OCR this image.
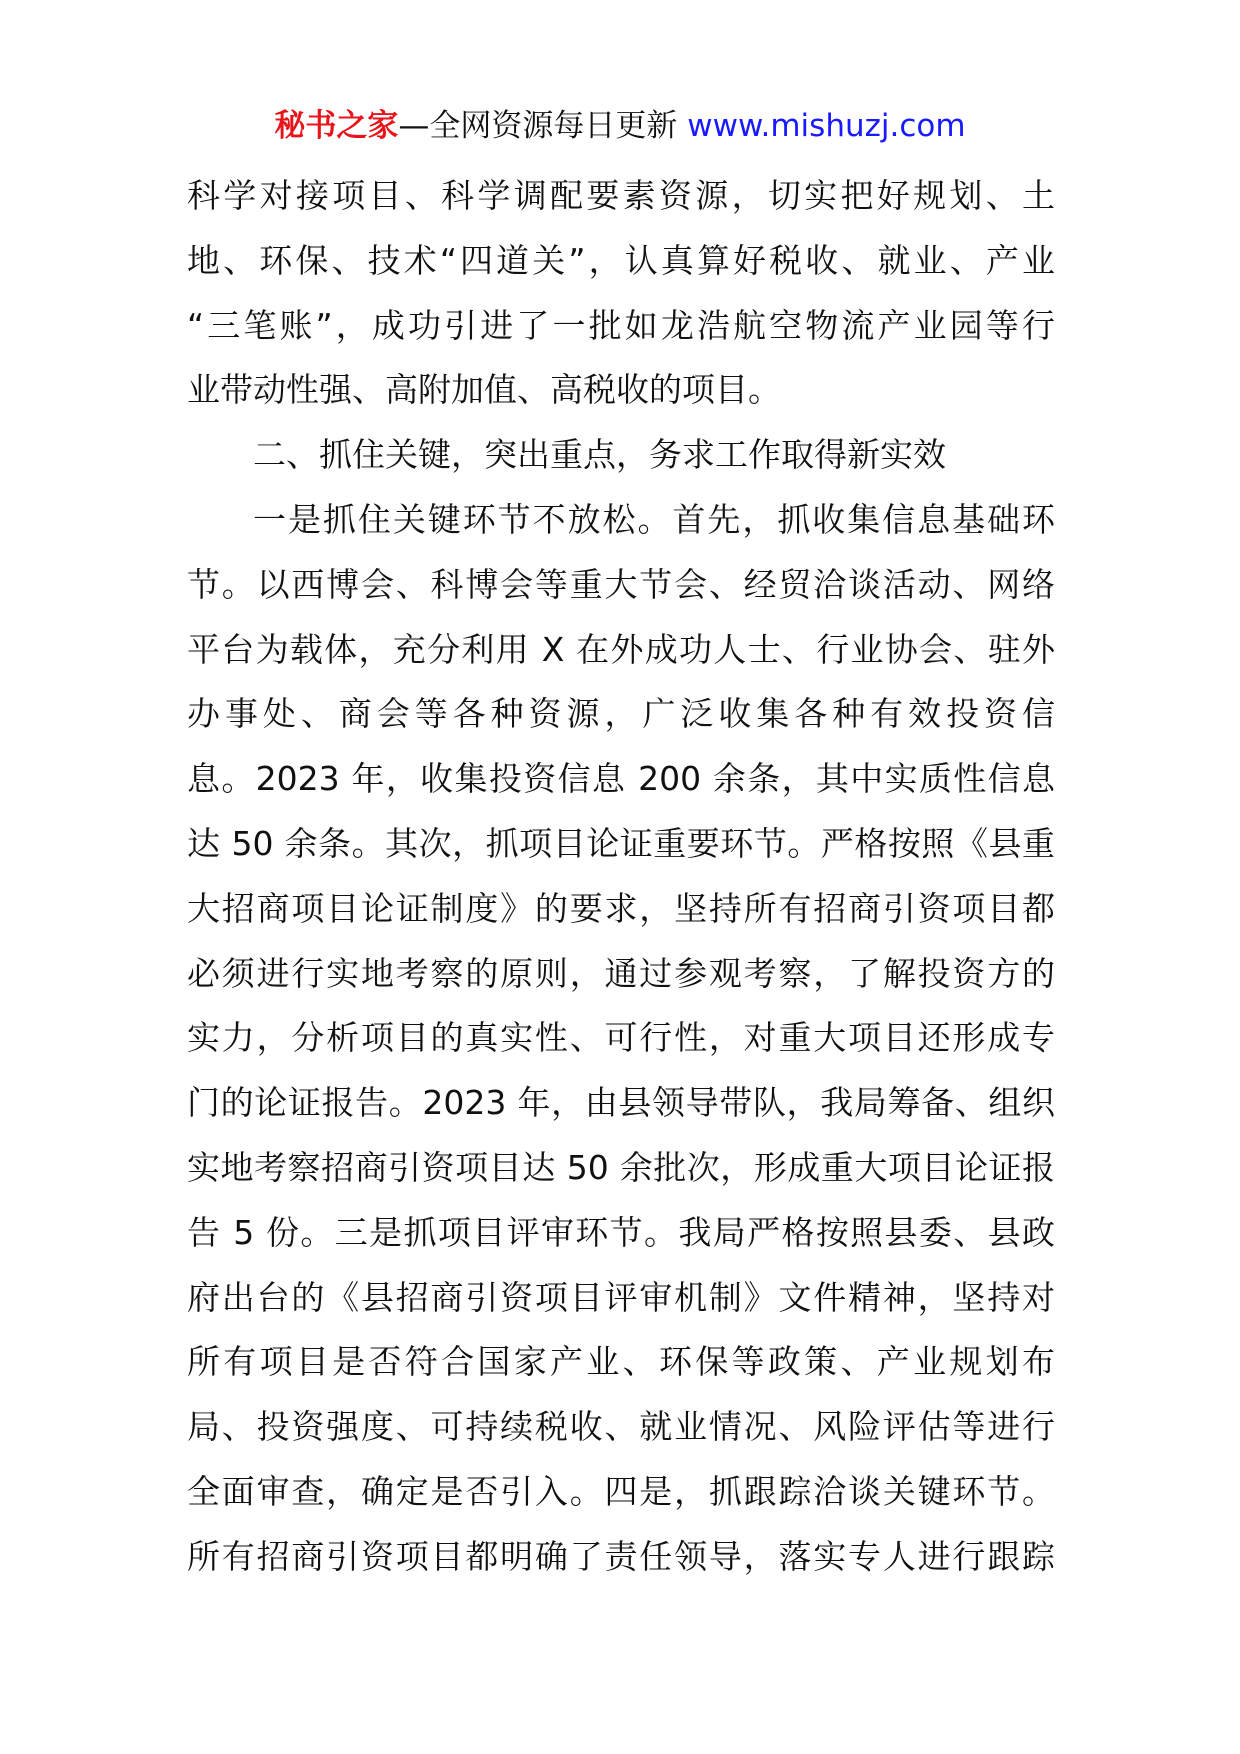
秘书之家—全网资源每日更新 www.mishuzj.com
科学对接项目、科学调配要素资源，切实把好规划、土
地、环保、技术“四道关”，认真算好税收、就业、产业
“三笔账”，成功引进了一批如龙浩航空物流产业园等行
业带动性强、高附加值、高税收的项目。
二、抓住关键，突出重点，务求工作取得新实效
一是抓住关键环节不放松。首先，抓收集信息基础环
节。以西博会、科博会等重大节会、经贸洽谈活动、网络
平台为载体，充分利用 X 在外成功人士、行业协会、驻外
办事处、商会等各种资源，广泛收集各种有效投资信
息。2023 年，收集投资信息 200 余条，其中实质性信息
达 50 余条。其次，抓项目论证重要环节。严格按照《县重
大招商项目论证制度》的要求，坚持所有招商引资项目都
必须进行实地考察的原则，通过参观考察，了解投资方的
实力，分析项目的真实性、可行性，对重大项目还形成专
门的论证报告。2023 年，由县领导带队，我局筹备、组织
实地考察招商引资项目达 50 余批次，形成重大项目论证报
告 5 份。三是抓项目评审环节。我局严格按照县委、县政
府出台的《县招商引资项目评审机制》文件精神，坚持对
所有项目是否符合国家产业、环保等政策、产业规划布
局、投资强度、可持续税收、就业情况、风险评估等进行
全面审查，确定是否引入。四是，抓跟踪洽谈关键环节。
所有招商引资项目都明确了责任领导，落实专人进行跟踪
